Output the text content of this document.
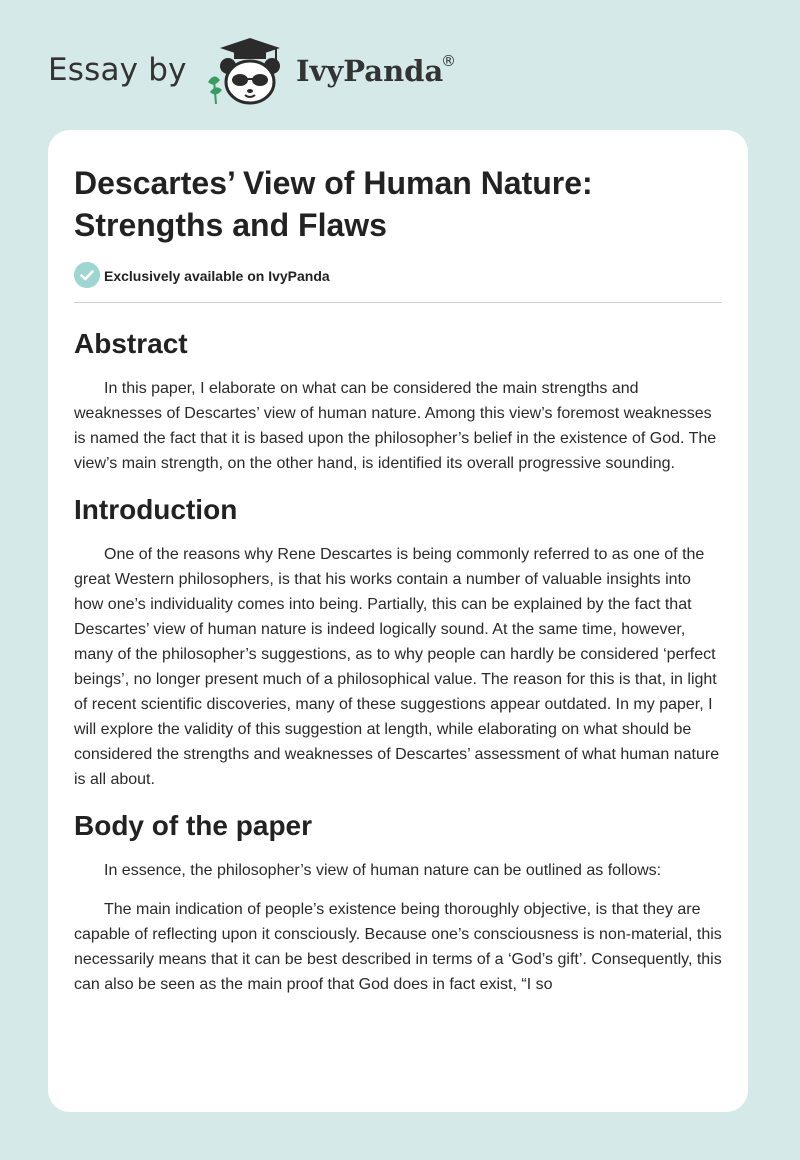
Essay by	IvyPanda
®
Descartes’ View of Human Nature: Strengths and Flaws
Exclusively available on IvyPanda
Abstract

In this paper, I elaborate on what can be considered the main strengths and weaknesses of Descartes’ view of human nature. Among this view’s foremost weaknesses is named the fact that it is based upon the philosopher’s belief in the existence of God. The view’s main strength, on the other hand, is identified its overall progressive sounding.

Introduction

One of the reasons why Rene Descartes is being commonly referred to as one of the great Western philosophers, is that his works contain a number of valuable insights into how one’s individuality comes into being. Partially, this can be explained by the fact that Descartes’ view of human nature is indeed logically sound. At the same time, however, many of the philosopher’s suggestions, as to why people can hardly be considered ‘perfect beings’, no longer present much of a philosophical value. The reason for this is that, in light of recent scientific discoveries, many of these suggestions appear outdated. In my paper, I will explore the validity of this suggestion at length, while elaborating on what should be considered the strengths and weaknesses of Descartes’ assessment of what human nature is all about.

Body of the paper

In essence, the philosopher’s view of human nature can be outlined as follows:

The main indication of people’s existence being thoroughly objective, is that they are capable of reflecting upon it consciously. Because one’s consciousness is non-material, this necessarily means that it can be best described in terms of a ‘God’s gift’. Consequently, this can also be seen as the main proof that God does in fact exist, “I so
